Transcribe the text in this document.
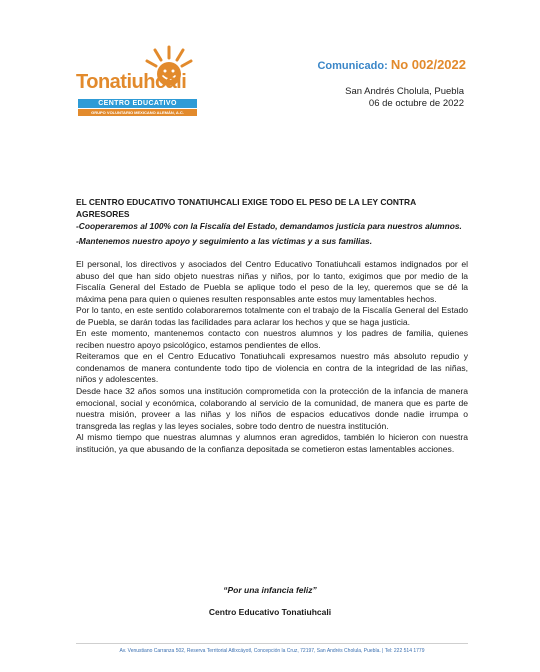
Tonatiuhcali
CENTRO EDUCATIVO
GRUPO VOLUNTARIO MEXICANO ALEMÁN, A.C.
Comunicado: No 002/2022
San Andrés Cholula, Puebla
06 de octubre de 2022

EL CENTRO EDUCATIVO TONATIUHCALI EXIGE TODO EL PESO DE LA LEY CONTRA AGRESORES

-Cooperaremos al 100% con la Fiscalía del Estado, demandamos justicia para nuestros alumnos.

-Mantenemos nuestro apoyo y seguimiento a las víctimas y a sus familias.

El personal, los directivos y asociados del Centro Educativo Tonatiuhcali estamos indignados por el abuso del que han sido objeto nuestras niñas y niños, por lo tanto, exigimos que por medio de la Fiscalía General del Estado de Puebla se aplique todo el peso de la ley, queremos que se dé la máxima pena para quien o quienes resulten responsables ante estos muy lamentables hechos.

Por lo tanto, en este sentido colaboraremos totalmente con el trabajo de la Fiscalía General del Estado de Puebla, se darán todas las facilidades para aclarar los hechos y que se haga justicia.

En este momento, mantenemos contacto con nuestros alumnos y los padres de familia, quienes reciben nuestro apoyo psicológico, estamos pendientes de ellos.

Reiteramos que en el Centro Educativo Tonatiuhcali expresamos nuestro más absoluto repudio y condenamos de manera contundente todo tipo de violencia en contra de la integridad de las niñas, niños y adolescentes.

Desde hace 32 años somos una institución comprometida con la protección de la infancia de manera emocional, social y económica, colaborando al servicio de la comunidad, de manera que es parte de nuestra misión, proveer a las niñas y los niños de espacios educativos donde nadie irrumpa o transgreda las reglas y las leyes sociales, sobre todo dentro de nuestra institución.

Al mismo tiempo que nuestras alumnas y alumnos eran agredidos, también lo hicieron con nuestra institución, ya que abusando de la confianza depositada se cometieron estas lamentables acciones.

“Por una infancia feliz”
Centro Educativo Tonatiuhcali
Av. Venustiano Carranza 502, Reserva Territorial Atlixcáyotl, Concepción la Cruz, 72197, San Andrés Cholula, Puebla. | Tel: 222 514 1779
